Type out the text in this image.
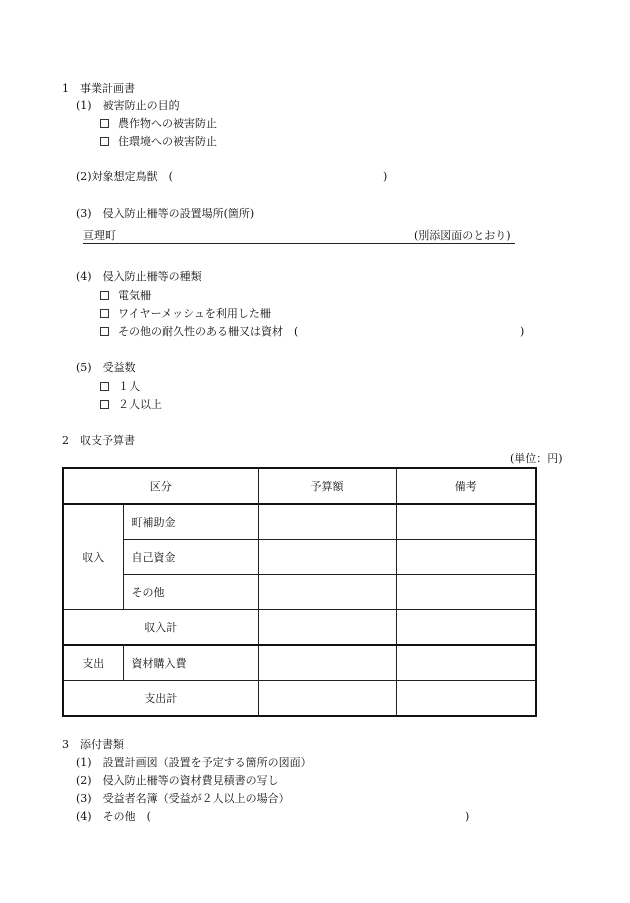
1　事業計画書
(1)　被害防止の目的
農作物への被害防止
住環境への被害防止
(2)対象想定鳥獣　(	)
(3)　侵入防止柵等の設置場所(箇所)
亘理町	(別添図面のとおり)
(4)　侵入防止柵等の種類
電気柵
ワイヤーメッシュを利用した柵
その他の耐久性のある柵又は資材　(	)
(5)　受益数
１人
２人以上
2　収支予算書
(単位：円)
区分		予算額	備考
収入	町補助金		
	自己資金		
	その他		
収入計			
支出	資材購入費		
支出計			
3　添付書類
(1)　設置計画図（設置を予定する箇所の図面）
(2)　侵入防止柵等の資材費見積書の写し
(3)　受益者名簿（受益が２人以上の場合）
(4)　その他　(	)
